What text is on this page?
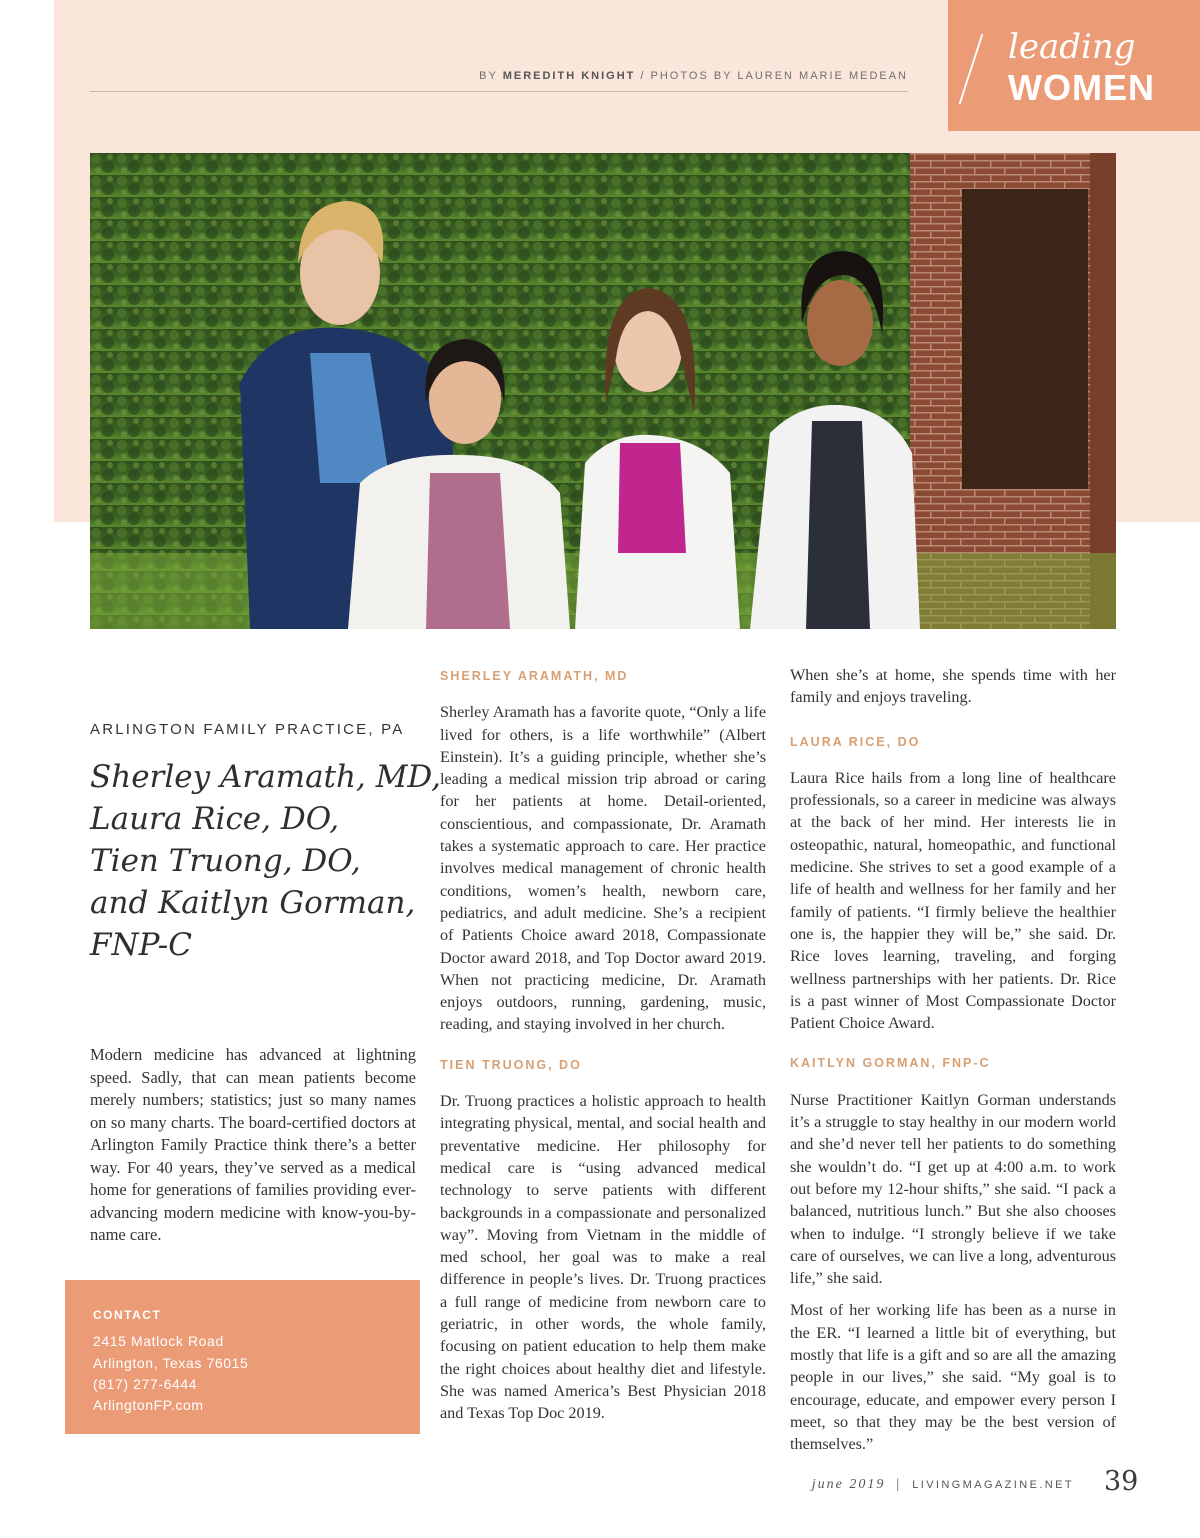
leading
WOMEN
BY MEREDITH KNIGHT / PHOTOS BY LAUREN MARIE MEDEAN
ARLINGTON FAMILY PRACTICE, PA
Sherley Aramath, MD,
Laura Rice, DO,
Tien Truong, DO,
and Kaitlyn Gorman,
FNP-C
Modern medicine has advanced at lightning speed. Sadly, that can mean patients become merely numbers; statistics; just so many names on so many charts. The board-certified doctors at Arlington Family Practice think there’s a better way. For 40 years, they’ve served as a medical home for generations of families providing ever-advancing modern medicine with know-you-by-name care.
CONTACT
2415 Matlock Road
Arlington, Texas 76015
(817) 277-6444
ArlingtonFP.com
SHERLEY ARAMATH, MD

Sherley Aramath has a favorite quote, “Only a life lived for others, is a life worthwhile” (Albert Einstein). It’s a guiding principle, whether she’s leading a medical mission trip abroad or caring for her patients at home. Detail-oriented, conscientious, and compassionate, Dr. Aramath takes a systematic approach to care. Her practice involves medical management of chronic health conditions, women’s health, newborn care, pediatrics, and adult medicine. She’s a recipient of Patients Choice award 2018, Compassionate Doctor award 2018, and Top Doctor award 2019. When not practicing medicine, Dr. Aramath enjoys outdoors, running, gardening, music, reading, and staying involved in her church.

TIEN TRUONG, DO

Dr. Truong practices a holistic approach to health integrating physical, mental, and social health and preventative medicine. Her philosophy for medical care is “using advanced medical technology to serve patients with different backgrounds in a compassionate and personalized way”. Moving from Vietnam in the middle of med school, her goal was to make a real difference in people’s lives. Dr. Truong practices a full range of medicine from newborn care to geriatric, in other words, the whole family, focusing on patient education to help them make the right choices about healthy diet and lifestyle. She was named America’s Best Physician 2018 and Texas Top Doc 2019.

When she’s at home, she spends time with her family and enjoys traveling.

LAURA RICE, DO

Laura Rice hails from a long line of healthcare professionals, so a career in medicine was always at the back of her mind. Her interests lie in osteopathic, natural, homeopathic, and functional medicine. She strives to set a good example of a life of health and wellness for her family and her family of patients. “I firmly believe the healthier one is, the happier they will be,” she said. Dr. Rice loves learning, traveling, and forging wellness partnerships with her patients. Dr. Rice is a past winner of Most Compassionate Doctor Patient Choice Award.

KAITLYN GORMAN, FNP-C

Nurse Practitioner Kaitlyn Gorman understands it’s a struggle to stay healthy in our modern world and she’d never tell her patients to do something she wouldn’t do. “I get up at 4:00 a.m. to work out before my 12-hour shifts,” she said. “I pack a balanced, nutritious lunch.” But she also chooses when to indulge. “I strongly believe if we take care of ourselves, we can live a long, adventurous life,” she said.

Most of her working life has been as a nurse in the ER. “I learned a little bit of everything, but mostly that life is a gift and so are all the amazing people in our lives,” she said. “My goal is to encourage, educate, and empower every person I meet, so that they may be the best version of themselves.”

june 2019 | LIVINGMAGAZINE.NET 39
